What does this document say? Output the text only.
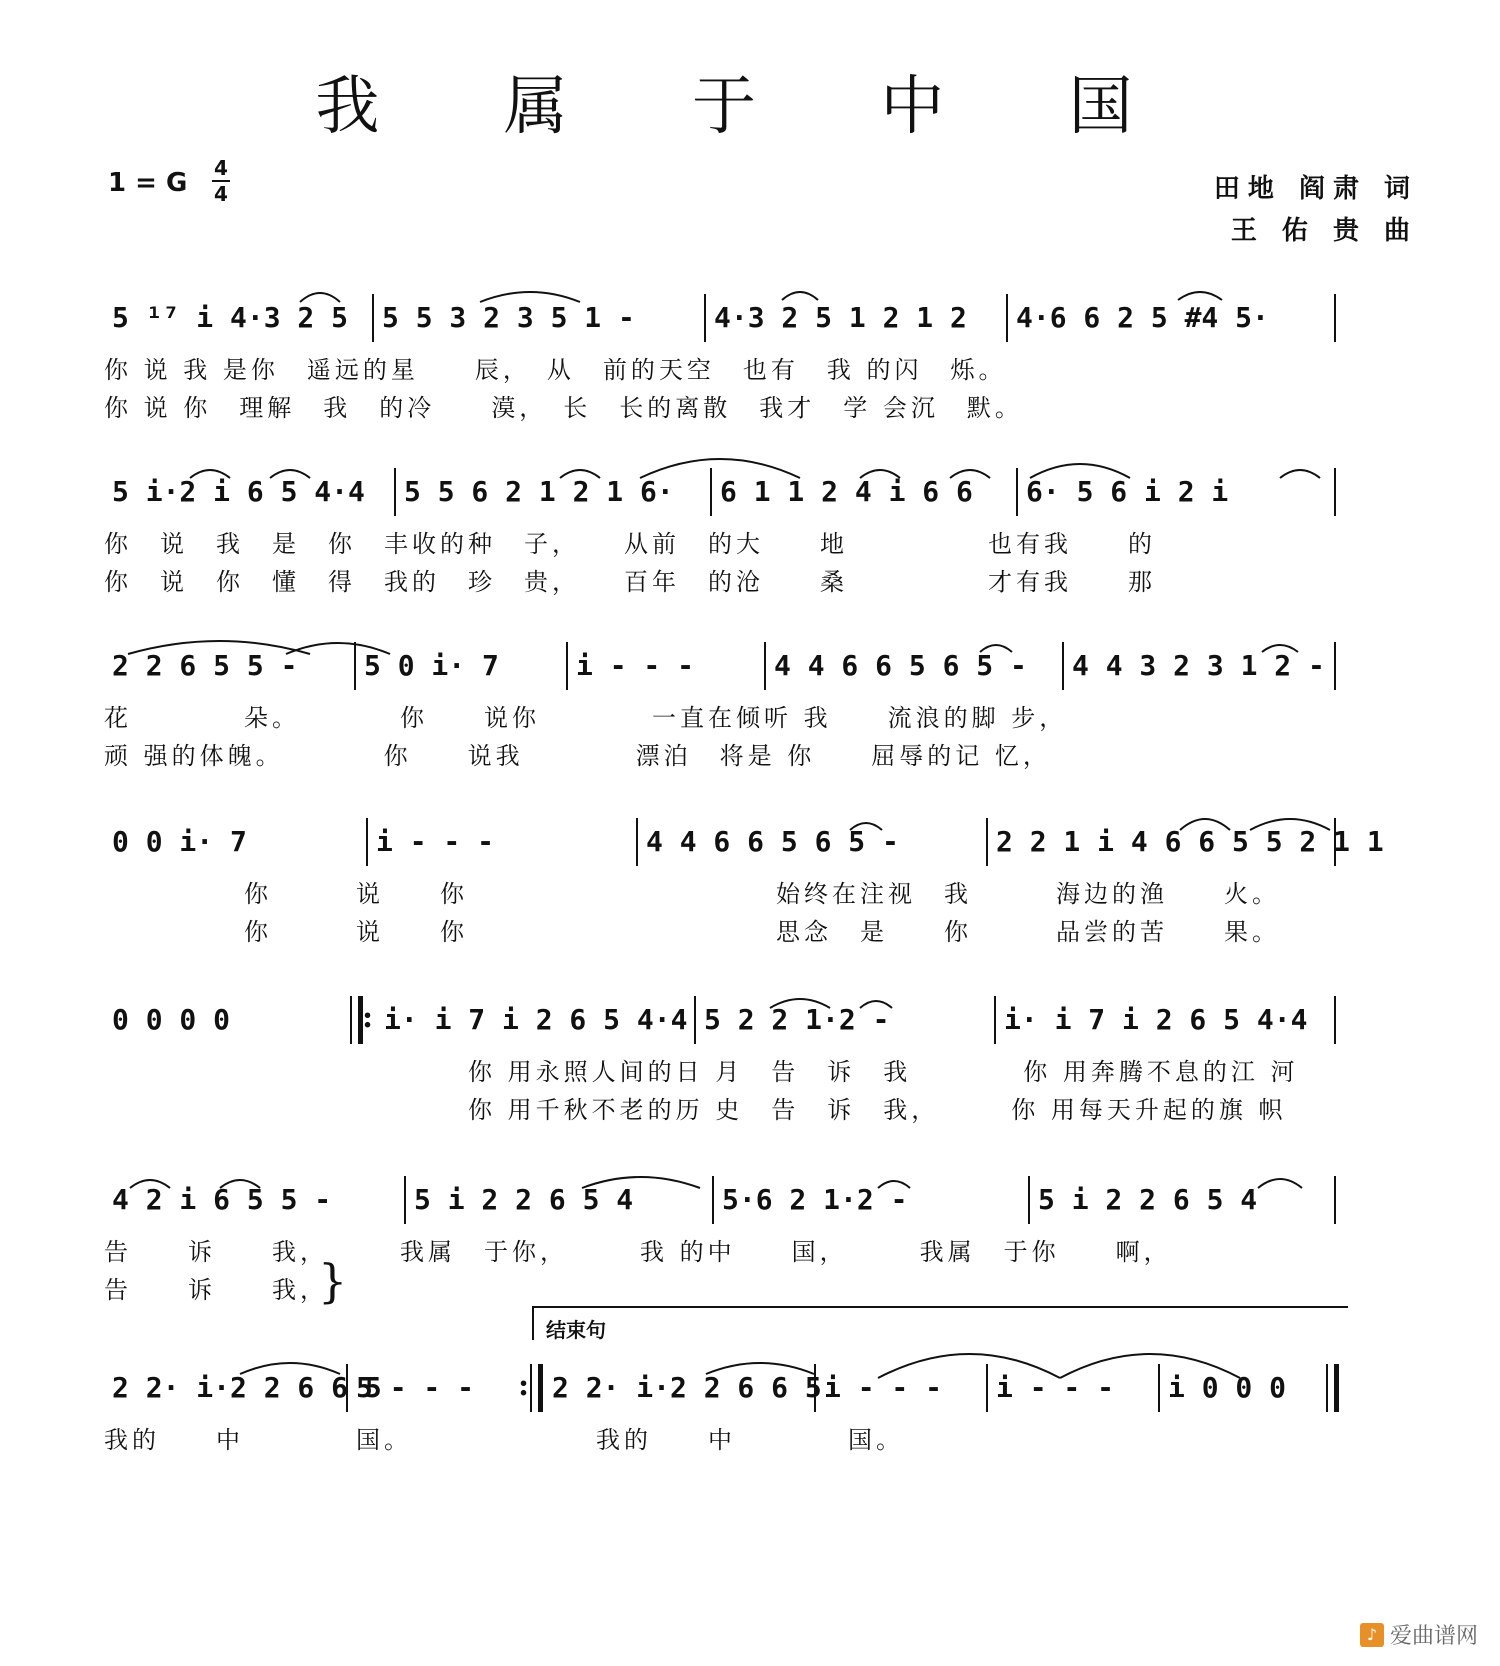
我 属 于 中 国
1 = G 4
4	田地 阎肃 词
王 佑 贵 曲
5 ¹⁷ i 4·3 2 5	5 5 3 2 3 5 1 -	4·3 2 5 1 2 1 2	4·6 6 2 5 #4 5·
你 说 我 是你　遥远的星　　辰，　从　前的天空　也有　我 的闪　烁。
你 说 你　理解　我　的冷　　漠，　长　长的离散　我才　学 会沉　默。
5 i·2 i 6 5 4·4	5 5 6 2 1 2 1 6·	6 1 1 2 4 i 6 6	6· 5 6 i 2 i
你　说　我　是　你　丰收的种　子，　　从前　的大　　地　　　　　也有我　　的
你　说　你　懂　得　我的　珍　贵，　　百年　的沧　　桑　　　　　才有我　　那
2 2 6 5 5 -	5 0 i· 7	i - - -	4 4 6 6 5 6 5 -	4 4 3 2 3 1 2 -
花　　　　朵。　　　　你　　说你　　　　一直在倾听 我　　流浪的脚 步，
顽 强的体魄。　　　　你　　说我　　　　漂泊　将是 你　　屈辱的记 忆，
0 0 i· 7	i - - -	4 4 6 6 5 6 5 -	2 2 1 i 4 6 6 5 5 2 1 1
　　　　　你　　　说　　你　　　　　　　　　　　始终在注视　我　　　海边的渔　　火。
　　　　　你　　　说　　你　　　　　　　　　　　思念　是　　你　　　品尝的苦　　果。
0 0 0 0	: i· i 7 i 2 6 5 4·4 5 2 2 1·2 -	i· i 7 i 2 6 5 4·4
　　　　　　　　　　　　　你 用永照人间的日 月　告　诉　我　　　　你 用奔腾不息的江 河
　　　　　　　　　　　　　你 用千秋不老的历 史　告　诉　我，　　　你 用每天升起的旗 帜
4 2 i 6 5 5 -	5 i 2 2 6 5 4	5·6 2 1·2 -	5 i 2 2 6 5 4
告　　诉　　我，　　　我属　于你，　　　我 的中　　国，　　　我属　于你　　啊，
告　　诉　　我，
}
结束句
2 2· i·2 2 6 6 5
5 - - -	: 2 2· i·2 2 6 6 5 i - - -	i - - -	i 0 0 0
我的　　中　　　　国。　　　　　　　我的　　中　　　　国。
♪ 爱曲谱网
